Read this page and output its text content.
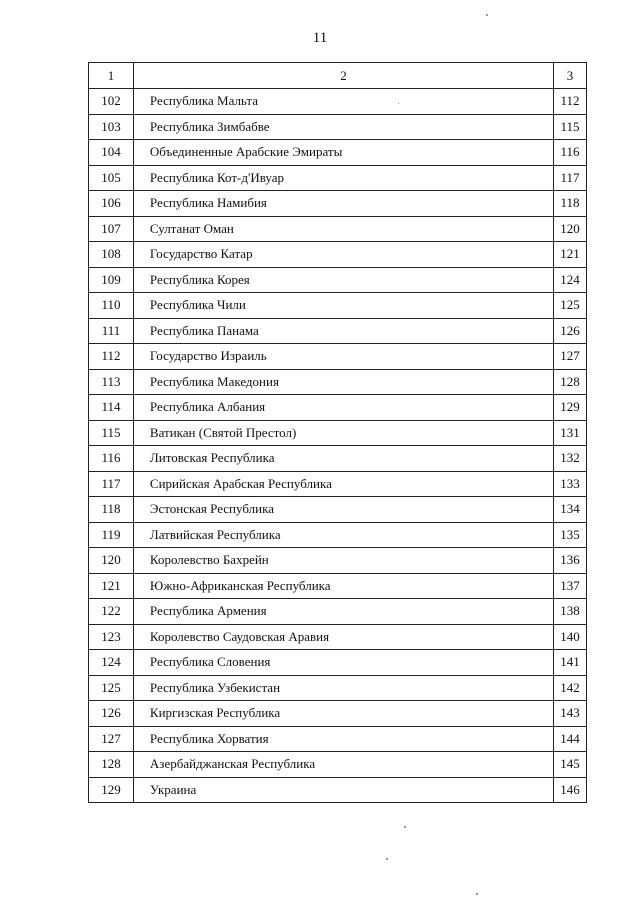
11
1	2	3
102	Республика Мальта	112
103	Республика Зимбабве	115
104	Объединенные Арабские Эмираты	116
105	Республика Кот-д'Ивуар	117
106	Республика Намибия	118
107	Султанат Оман	120
108	Государство Катар	121
109	Республика Корея	124
110	Республика Чили	125
111	Республика Панама	126
112	Государство Израиль	127
113	Республика Македония	128
114	Республика Албания	129
115	Ватикан (Святой Престол)	131
116	Литовская Республика	132
117	Сирийская Арабская Республика	133
118	Эстонская Республика	134
119	Латвийская Республика	135
120	Королевство Бахрейн	136
121	Южно-Африканская Республика	137
122	Республика Армения	138
123	Королевство Саудовская Аравия	140
124	Республика Словения	141
125	Республика Узбекистан	142
126	Киргизская Республика	143
127	Республика Хорватия	144
128	Азербайджанская Республика	145
129	Украина	146
